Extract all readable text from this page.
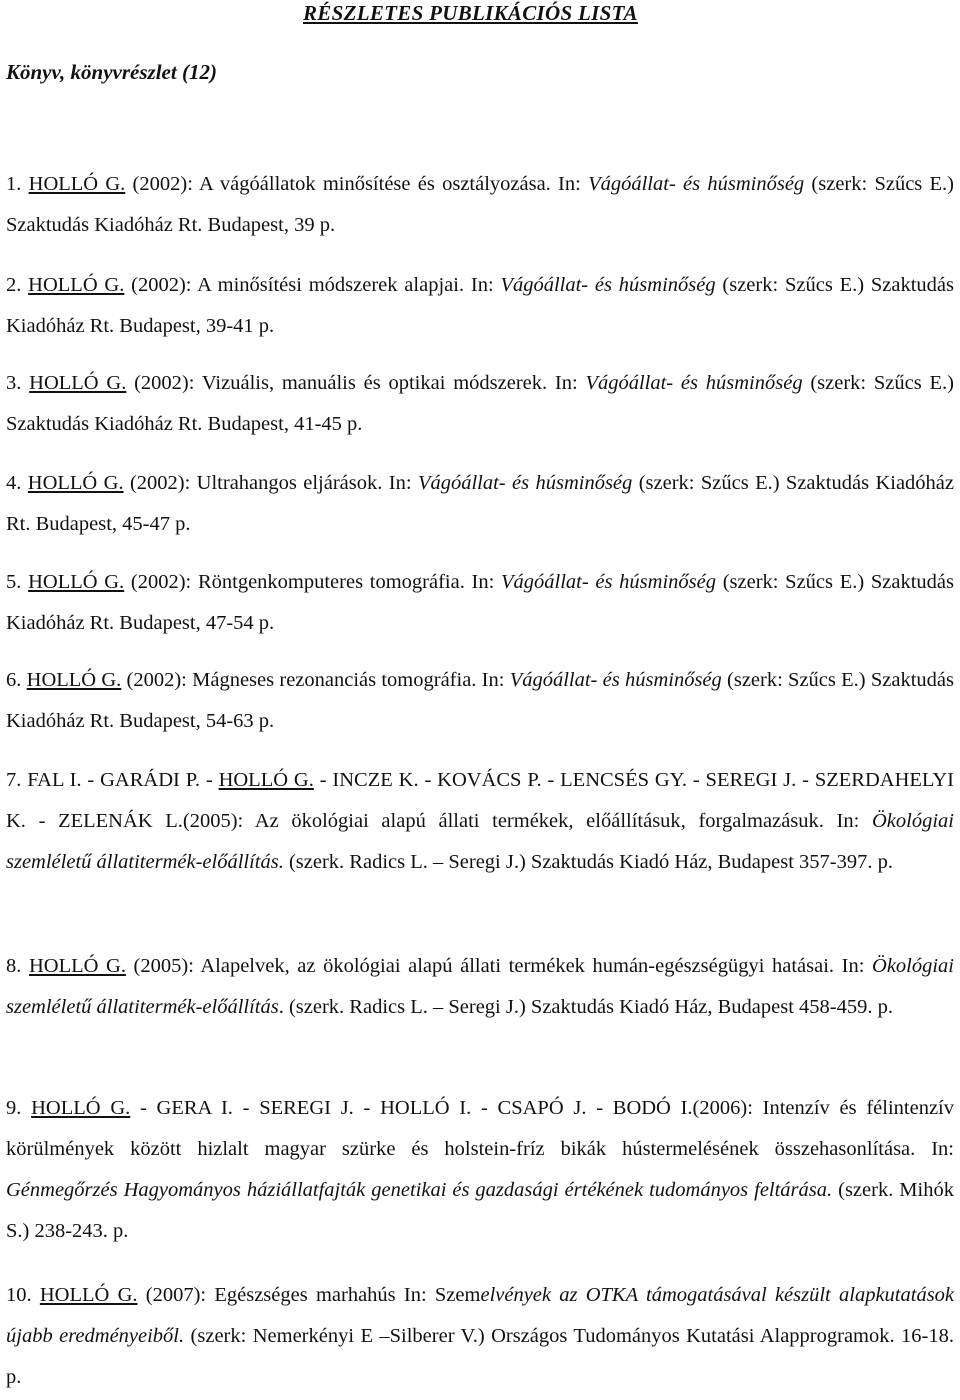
RÉSZLETES PUBLIKÁCIÓS LISTA
Könyv, könyvrészlet (12)
1. HOLLÓ G. (2002): A vágóállatok minősítése és osztályozása. In: Vágóállat- és húsminőség (szerk: Szűcs E.) Szaktudás Kiadóház Rt. Budapest, 39 p.
2. HOLLÓ G. (2002): A minősítési módszerek alapjai. In: Vágóállat- és húsminőség (szerk: Szűcs E.) Szaktudás Kiadóház Rt. Budapest, 39-41 p.
3. HOLLÓ G. (2002): Vizuális, manuális és optikai módszerek. In: Vágóállat- és húsminőség (szerk: Szűcs E.) Szaktudás Kiadóház Rt. Budapest, 41-45 p.
4. HOLLÓ G. (2002): Ultrahangos eljárások. In: Vágóállat- és húsminőség (szerk: Szűcs E.) Szaktudás Kiadóház Rt. Budapest, 45-47 p.
5. HOLLÓ G. (2002): Röntgenkomputeres tomográfia. In: Vágóállat- és húsminőség (szerk: Szűcs E.) Szaktudás Kiadóház Rt. Budapest, 47-54 p.
6. HOLLÓ G. (2002): Mágneses rezonanciás tomográfia. In: Vágóállat- és húsminőség (szerk: Szűcs E.) Szaktudás Kiadóház Rt. Budapest, 54-63 p.
7. FAL I. - GARÁDI P. - HOLLÓ G. - INCZE K. - KOVÁCS P. - LENCSÉS GY. - SEREGI J. - SZERDAHELYI K. - ZELENÁK L.(2005): Az ökológiai alapú állati termékek, előállításuk, forgalmazásuk. In: Ökológiai szemléletű állatitermék-előállítás. (szerk. Radics L. – Seregi J.) Szaktudás Kiadó Ház, Budapest 357-397. p.
8. HOLLÓ G. (2005): Alapelvek, az ökológiai alapú állati termékek humán-egészségügyi hatásai. In: Ökológiai szemléletű állatitermék-előállítás. (szerk. Radics L. – Seregi J.) Szaktudás Kiadó Ház, Budapest 458-459. p.
9. HOLLÓ G. - GERA I. - SEREGI J. - HOLLÓ I. - CSAPÓ J. - BODÓ I.(2006): Intenzív és félintenzív körülmények között hizlalt magyar szürke és holstein-fríz bikák hústermelésének összehasonlítása. In: Génmegőrzés Hagyományos háziállatfajták genetikai és gazdasági értékének tudományos feltárása. (szerk. Mihók S.) 238-243. p.
10. HOLLÓ G. (2007): Egészséges marhahús In: Szemelvények az OTKA támogatásával készült alapkutatások újabb eredményeiből. (szerk: Nemerkényi E –Silberer V.) Országos Tudományos Kutatási Alapprogramok. 16-18. p.
